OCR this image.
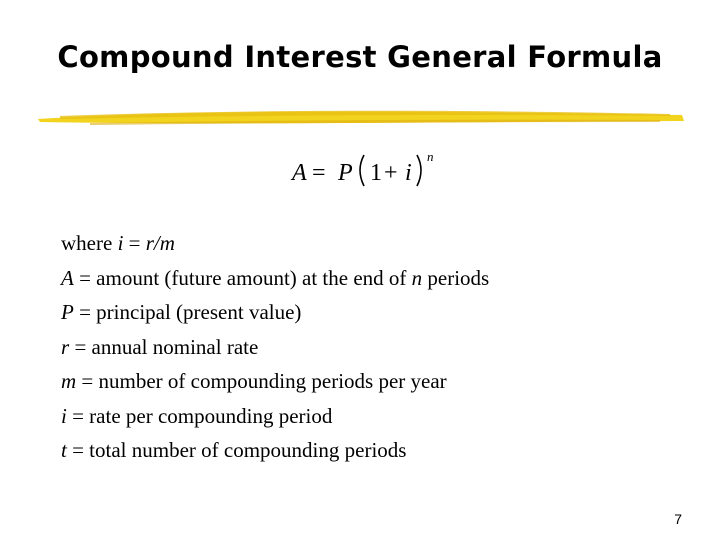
Compound Interest General Formula
A = P 1 + i
n
where i = r/m
A = amount (future amount) at the end of n periods
P = principal (present value)
r = annual nominal rate
m = number of compounding periods per year
i = rate per compounding period
t = total number of compounding periods
7
